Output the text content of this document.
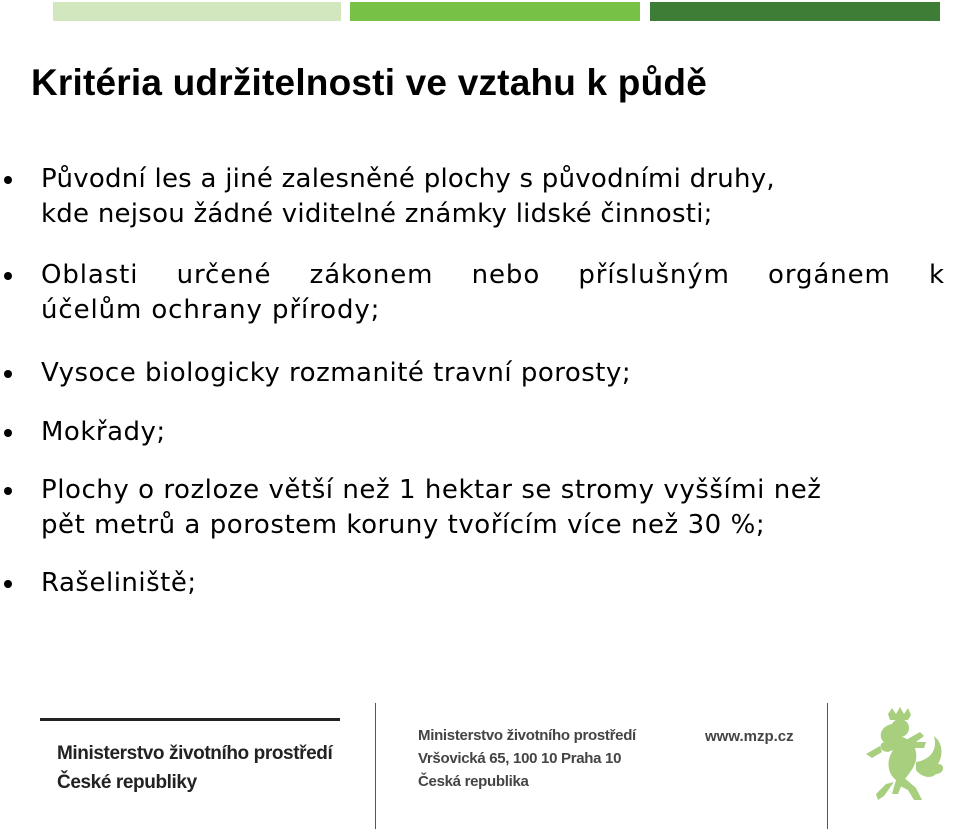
Kritéria udržitelnosti ve vztahu k půdě
Původní les a jiné zalesněné plochy s původními druhy,
kde nejsou žádné viditelné známky lidské činnosti;
Oblasti určené zákonem nebo příslušným orgánem k
účelům ochrany přírody;
Vysoce biologicky rozmanité travní porosty;
Mokřady;
Plochy o rozloze větší než 1 hektar se stromy vyššími než
pět metrů a porostem koruny tvořícím více než 30 %;
Rašeliniště;
Ministerstvo životního prostředí
České republiky
Ministerstvo životního prostředí
Vršovická 65, 100 10 Praha 10
Česká republika
www.mzp.cz
